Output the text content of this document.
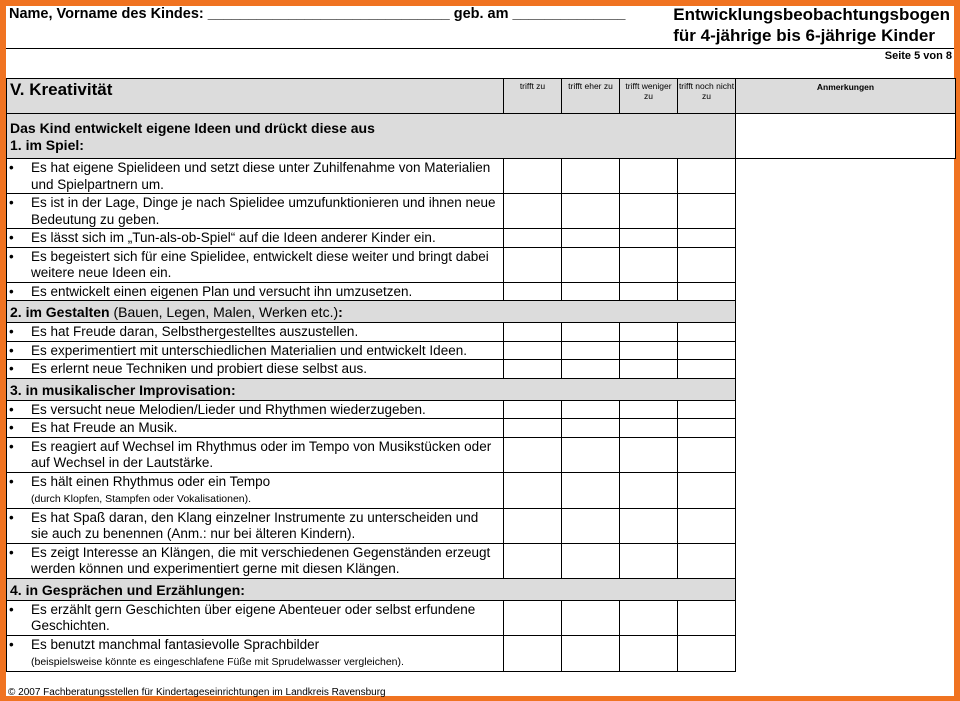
Name, Vorname des Kindes: ______________________________ geb. am ______________	Entwicklungsbeobachtungsbogen
für 4-jährige bis 6-jährige Kinder
Seite 5 von 8
V. Kreativität	trifft zu	trifft eher zu	trifft weniger zu	trifft noch nicht zu	Anmerkungen

Das Kind entwickelt eigene Ideen und drückt diese aus
1. im Spiel:					

• Es hat eigene Spielideen und setzt diese unter Zuhilfenahme von Materialien und Spielpartnern um.					
• Es ist in der Lage, Dinge je nach Spielidee umzufunktionieren und ihnen neue Bedeutung zu geben.					
• Es lässt sich im „Tun-als-ob-Spiel“ auf die Ideen anderer Kinder ein.					
• Es begeistert sich für eine Spielidee, entwickelt diese weiter und bringt dabei weitere neue Ideen ein.					
• Es entwickelt einen eigenen Plan und versucht ihn umzusetzen.					
2. im Gestalten (Bauen, Legen, Malen, Werken etc.):					
• Es hat Freude daran, Selbsthergestelltes auszustellen.					
• Es experimentiert mit unterschiedlichen Materialien und entwickelt Ideen.					
• Es erlernt neue Techniken und probiert diese selbst aus.					
3. in musikalischer Improvisation:					
• Es versucht neue Melodien/Lieder und Rhythmen wiederzugeben.					
• Es hat Freude an Musik.					
• Es reagiert auf Wechsel im Rhythmus oder im Tempo von Musikstücken oder auf Wechsel in der Lautstärke.					
• Es hält einen Rhythmus oder ein Tempo
(durch Klopfen, Stampfen oder Vokalisationen).					
• Es hat Spaß daran, den Klang einzelner Instrumente zu unterscheiden und sie auch zu benennen (Anm.: nur bei älteren Kindern).					
• Es zeigt Interesse an Klängen, die mit verschiedenen Gegenständen erzeugt werden können und experimentiert gerne mit diesen Klängen.					
4. in Gesprächen und Erzählungen:					
• Es erzählt gern Geschichten über eigene Abenteuer oder selbst erfundene Geschichten.					
• Es benutzt manchmal fantasievolle Sprachbilder
(beispielsweise könnte es eingeschlafene Füße mit Sprudelwasser vergleichen).					
© 2007 Fachberatungsstellen für Kindertageseinrichtungen im Landkreis Ravensburg
